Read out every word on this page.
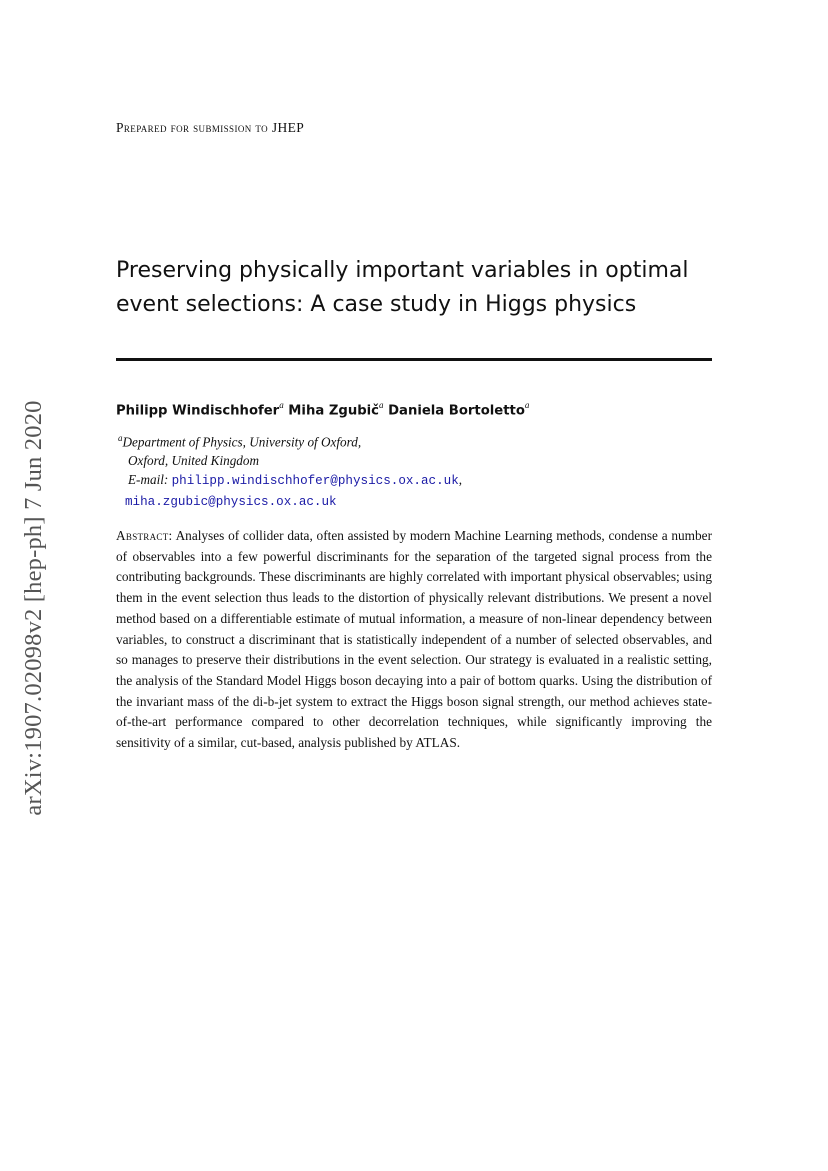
arXiv:1907.02098v2 [hep-ph] 7 Jun 2020
Prepared for submission to JHEP
Preserving physically important variables in optimal event selections: A case study in Higgs physics
Philipp Windischhofer$^a$ Miha Zgubič$^a$ Daniela Bortoletto$^a$
$^a$Department of Physics, University of Oxford,
Oxford, United Kingdom
E-mail: philipp.windischhofer@physics.ox.ac.uk,
miha.zgubic@physics.ox.ac.uk
Abstract: Analyses of collider data, often assisted by modern Machine Learning methods, condense a number of observables into a few powerful discriminants for the separation of the targeted signal process from the contributing backgrounds. These discriminants are highly correlated with important physical observables; using them in the event selection thus leads to the distortion of physically relevant distributions. We present a novel method based on a differentiable estimate of mutual information, a measure of non-linear dependency between variables, to construct a discriminant that is statistically independent of a number of selected observables, and so manages to preserve their distributions in the event selection. Our strategy is evaluated in a realistic setting, the analysis of the Standard Model Higgs boson decaying into a pair of bottom quarks. Using the distribution of the invariant mass of the di-b-jet system to extract the Higgs boson signal strength, our method achieves state-of-the-art performance compared to other decorrelation techniques, while significantly improving the sensitivity of a similar, cut-based, analysis published by ATLAS.
